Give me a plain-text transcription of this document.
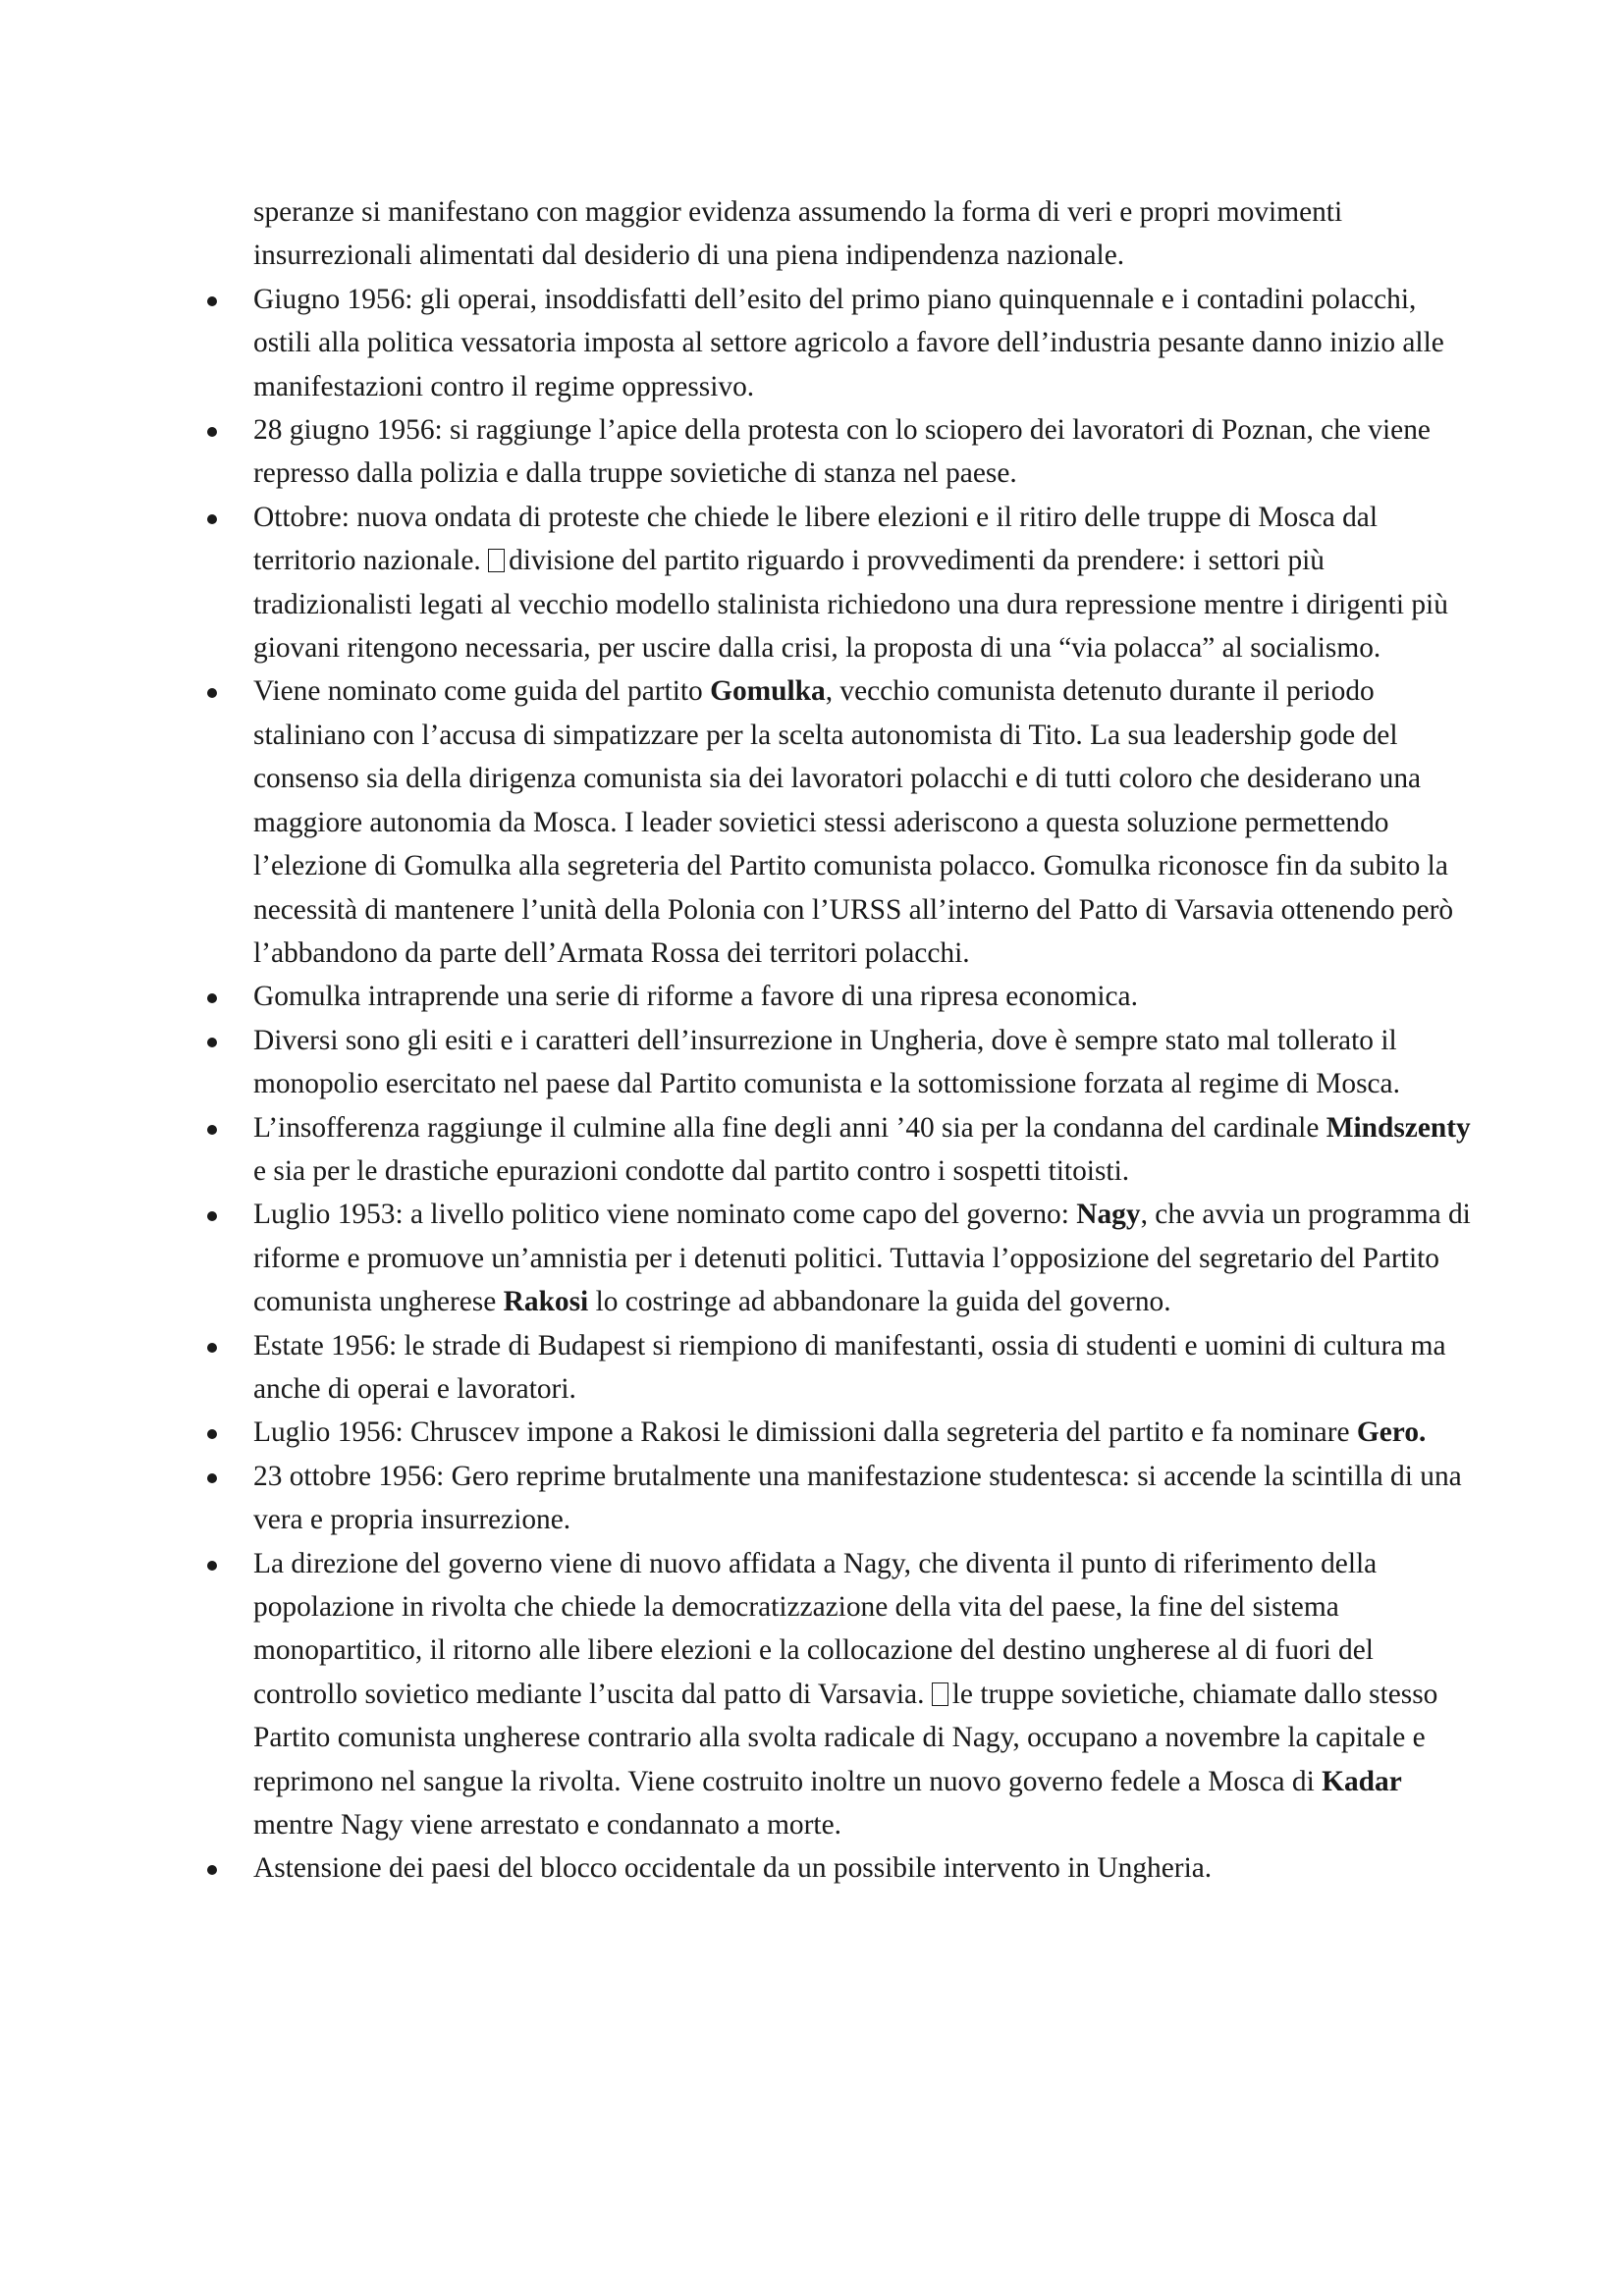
speranze si manifestano con maggior evidenza assumendo la forma di veri e propri movimenti insurrezionali alimentati dal desiderio di una piena indipendenza nazionale.

Giugno 1956: gli operai, insoddisfatti dell’esito del primo piano quinquennale e i contadini polacchi, ostili alla politica vessatoria imposta al settore agricolo a favore dell’industria pesante danno inizio alle manifestazioni contro il regime oppressivo.
28 giugno 1956: si raggiunge l’apice della protesta con lo sciopero dei lavoratori di Poznan, che viene represso dalla polizia e dalla truppe sovietiche di stanza nel paese.
Ottobre: nuova ondata di proteste che chiede le libere elezioni e il ritiro delle truppe di Mosca dal territorio nazionale. divisione del partito riguardo i provvedimenti da prendere: i settori più tradizionalisti legati al vecchio modello stalinista richiedono una dura repressione mentre i dirigenti più giovani ritengono necessaria, per uscire dalla crisi, la proposta di una “via polacca” al socialismo.
Viene nominato come guida del partito Gomulka, vecchio comunista detenuto durante il periodo staliniano con l’accusa di simpatizzare per la scelta autonomista di Tito. La sua leadership gode del consenso sia della dirigenza comunista sia dei lavoratori polacchi e di tutti coloro che desiderano una maggiore autonomia da Mosca. I leader sovietici stessi aderiscono a questa soluzione permettendo l’elezione di Gomulka alla segreteria del Partito comunista polacco. Gomulka riconosce fin da subito la necessità di mantenere l’unità della Polonia con l’URSS all’interno del Patto di Varsavia ottenendo però l’abbandono da parte dell’Armata Rossa dei territori polacchi.
Gomulka intraprende una serie di riforme a favore di una ripresa economica.
Diversi sono gli esiti e i caratteri dell’insurrezione in Ungheria, dove è sempre stato mal tollerato il monopolio esercitato nel paese dal Partito comunista e la sottomissione forzata al regime di Mosca.
L’insofferenza raggiunge il culmine alla fine degli anni ’40 sia per la condanna del cardinale Mindszenty e sia per le drastiche epurazioni condotte dal partito contro i sospetti titoisti.
Luglio 1953: a livello politico viene nominato come capo del governo: Nagy, che avvia un programma di riforme e promuove un’amnistia per i detenuti politici. Tuttavia l’opposizione del segretario del Partito comunista ungherese Rakosi lo costringe ad abbandonare la guida del governo.
Estate 1956: le strade di Budapest si riempiono di manifestanti, ossia di studenti e uomini di cultura ma anche di operai e lavoratori.
Luglio 1956: Chruscev impone a Rakosi le dimissioni dalla segreteria del partito e fa nominare Gero.
23 ottobre 1956: Gero reprime brutalmente una manifestazione studentesca: si accende la scintilla di una vera e propria insurrezione.
La direzione del governo viene di nuovo affidata a Nagy, che diventa il punto di riferimento della popolazione in rivolta che chiede la democratizzazione della vita del paese, la fine del sistema monopartitico, il ritorno alle libere elezioni e la collocazione del destino ungherese al di fuori del controllo sovietico mediante l’uscita dal patto di Varsavia. le truppe sovietiche, chiamate dallo stesso Partito comunista ungherese contrario alla svolta radicale di Nagy, occupano a novembre la capitale e reprimono nel sangue la rivolta. Viene costruito inoltre un nuovo governo fedele a Mosca di Kadar mentre Nagy viene arrestato e condannato a morte.
Astensione dei paesi del blocco occidentale da un possibile intervento in Ungheria.
